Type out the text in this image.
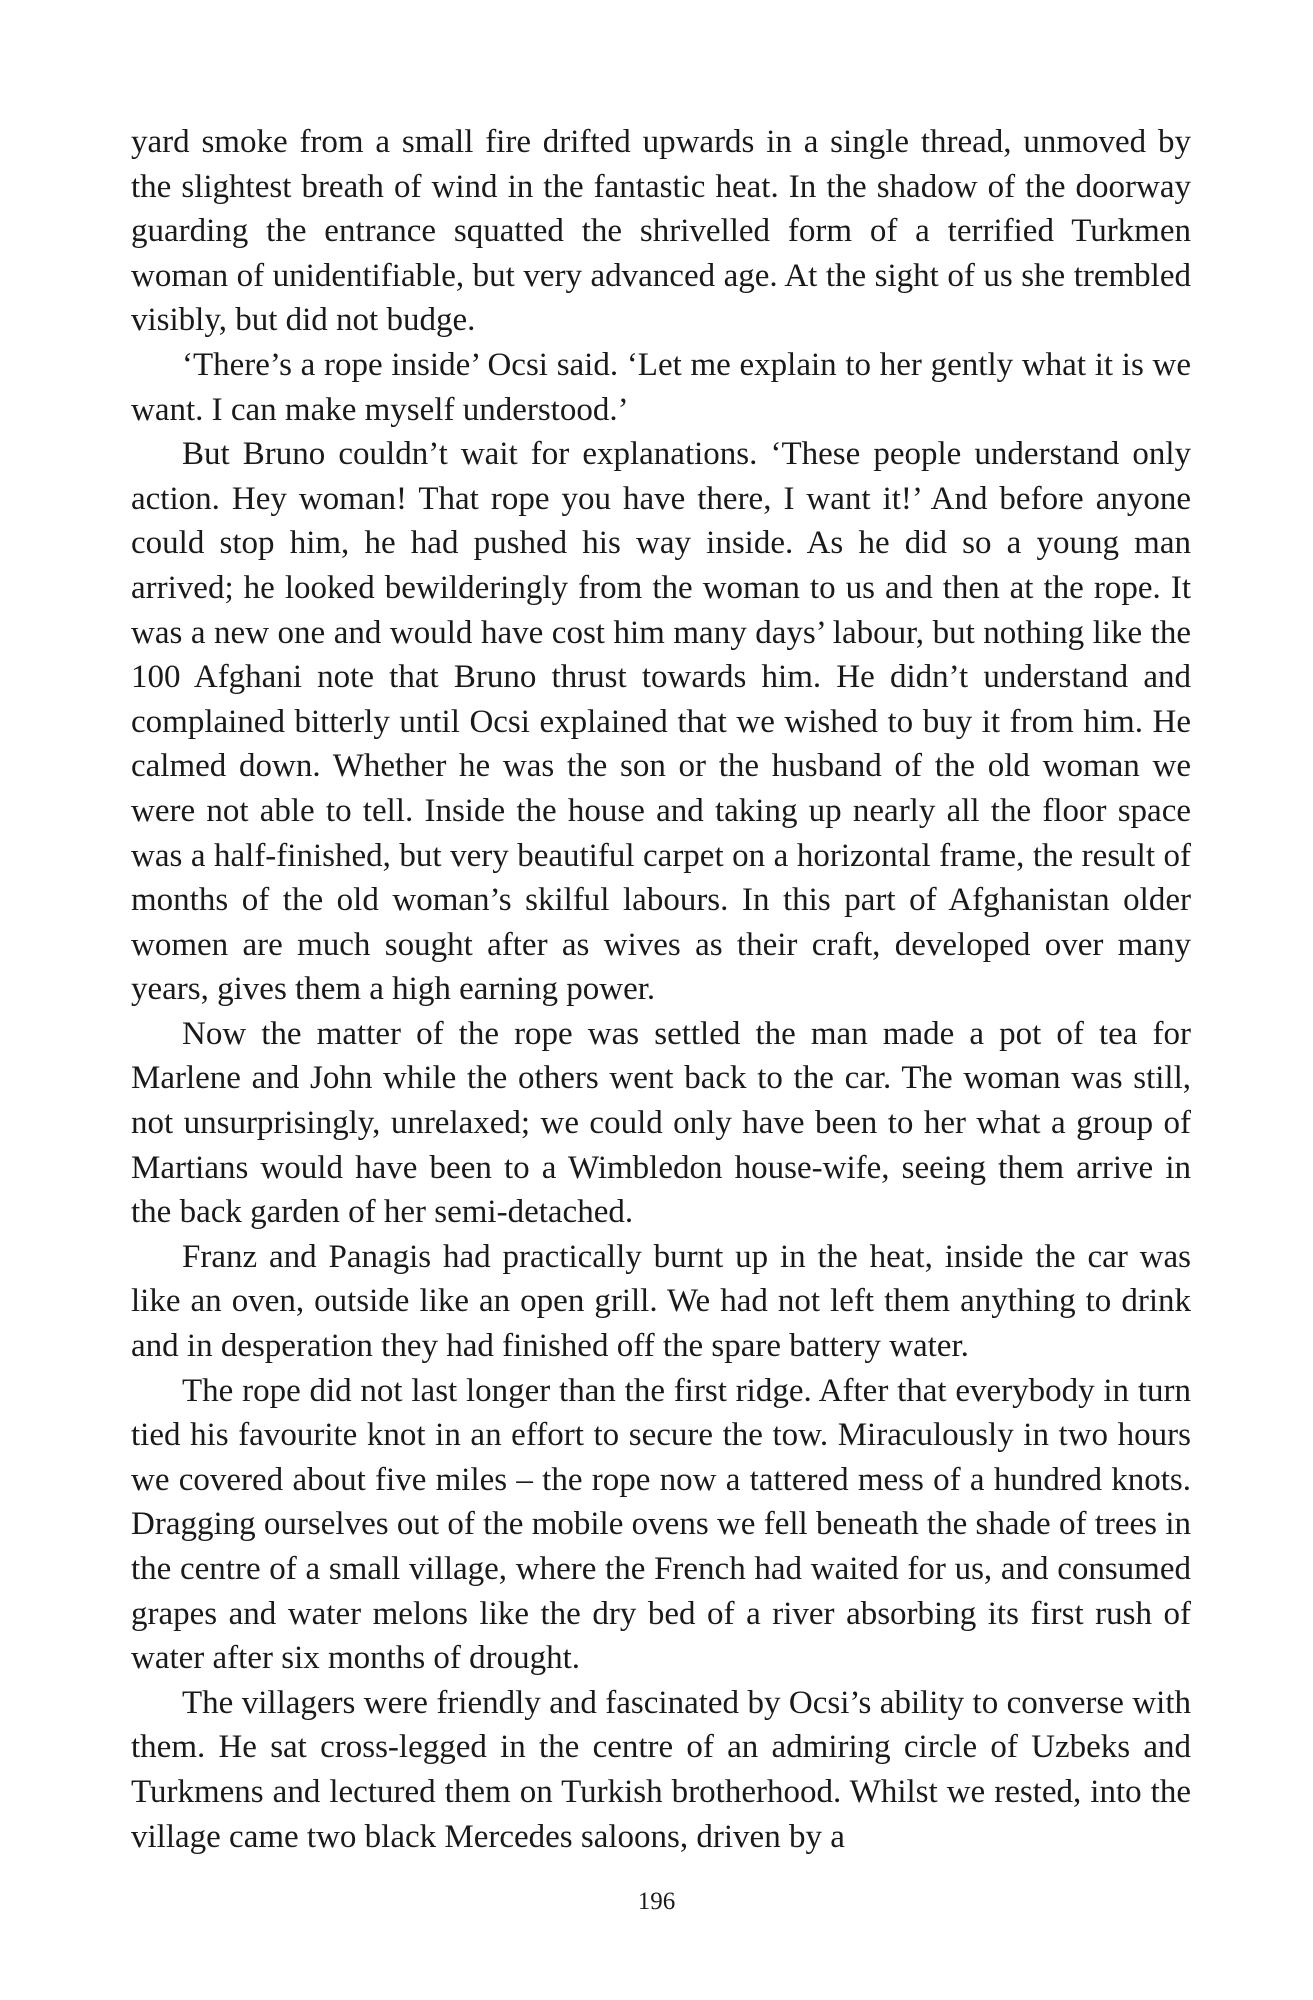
yard smoke from a small fire drifted upwards in a single thread, unmoved by the slightest breath of wind in the fantastic heat. In the shadow of the doorway guarding the entrance squatted the shrivelled form of a terrified Turkmen woman of unidentifiable, but very advanced age. At the sight of us she trembled visibly, but did not budge.

‘There’s a rope inside’ Ocsi said. ‘Let me explain to her gently what it is we want. I can make myself understood.’

But Bruno couldn’t wait for explanations. ‘These people understand only action. Hey woman! That rope you have there, I want it!’ And before anyone could stop him, he had pushed his way inside. As he did so a young man arrived; he looked bewilderingly from the woman to us and then at the rope. It was a new one and would have cost him many days’ labour, but nothing like the 100 Afghani note that Bruno thrust towards him. He didn’t understand and complained bitterly until Ocsi explained that we wished to buy it from him. He calmed down. Whether he was the son or the husband of the old woman we were not able to tell. Inside the house and taking up nearly all the floor space was a half-finished, but very beautiful carpet on a horizontal frame, the result of months of the old woman’s skilful labours. In this part of Afghanistan older women are much sought after as wives as their craft, developed over many years, gives them a high earning power.

Now the matter of the rope was settled the man made a pot of tea for Marlene and John while the others went back to the car. The woman was still, not unsurprisingly, unrelaxed; we could only have been to her what a group of Martians would have been to a Wimbledon house-wife, seeing them arrive in the back garden of her semi-detached.

Franz and Panagis had practically burnt up in the heat, inside the car was like an oven, outside like an open grill. We had not left them anything to drink and in desperation they had finished off the spare battery water.

The rope did not last longer than the first ridge. After that everybody in turn tied his favourite knot in an effort to secure the tow. Miraculously in two hours we covered about five miles – the rope now a tattered mess of a hundred knots. Dragging ourselves out of the mobile ovens we fell beneath the shade of trees in the centre of a small village, where the French had waited for us, and consumed grapes and water melons like the dry bed of a river absorbing its first rush of water after six months of drought.

The villagers were friendly and fascinated by Ocsi’s ability to converse with them. He sat cross-legged in the centre of an admiring circle of Uzbeks and Turkmens and lectured them on Turkish brotherhood. Whilst we rested, into the village came two black Mercedes saloons, driven by a

196
